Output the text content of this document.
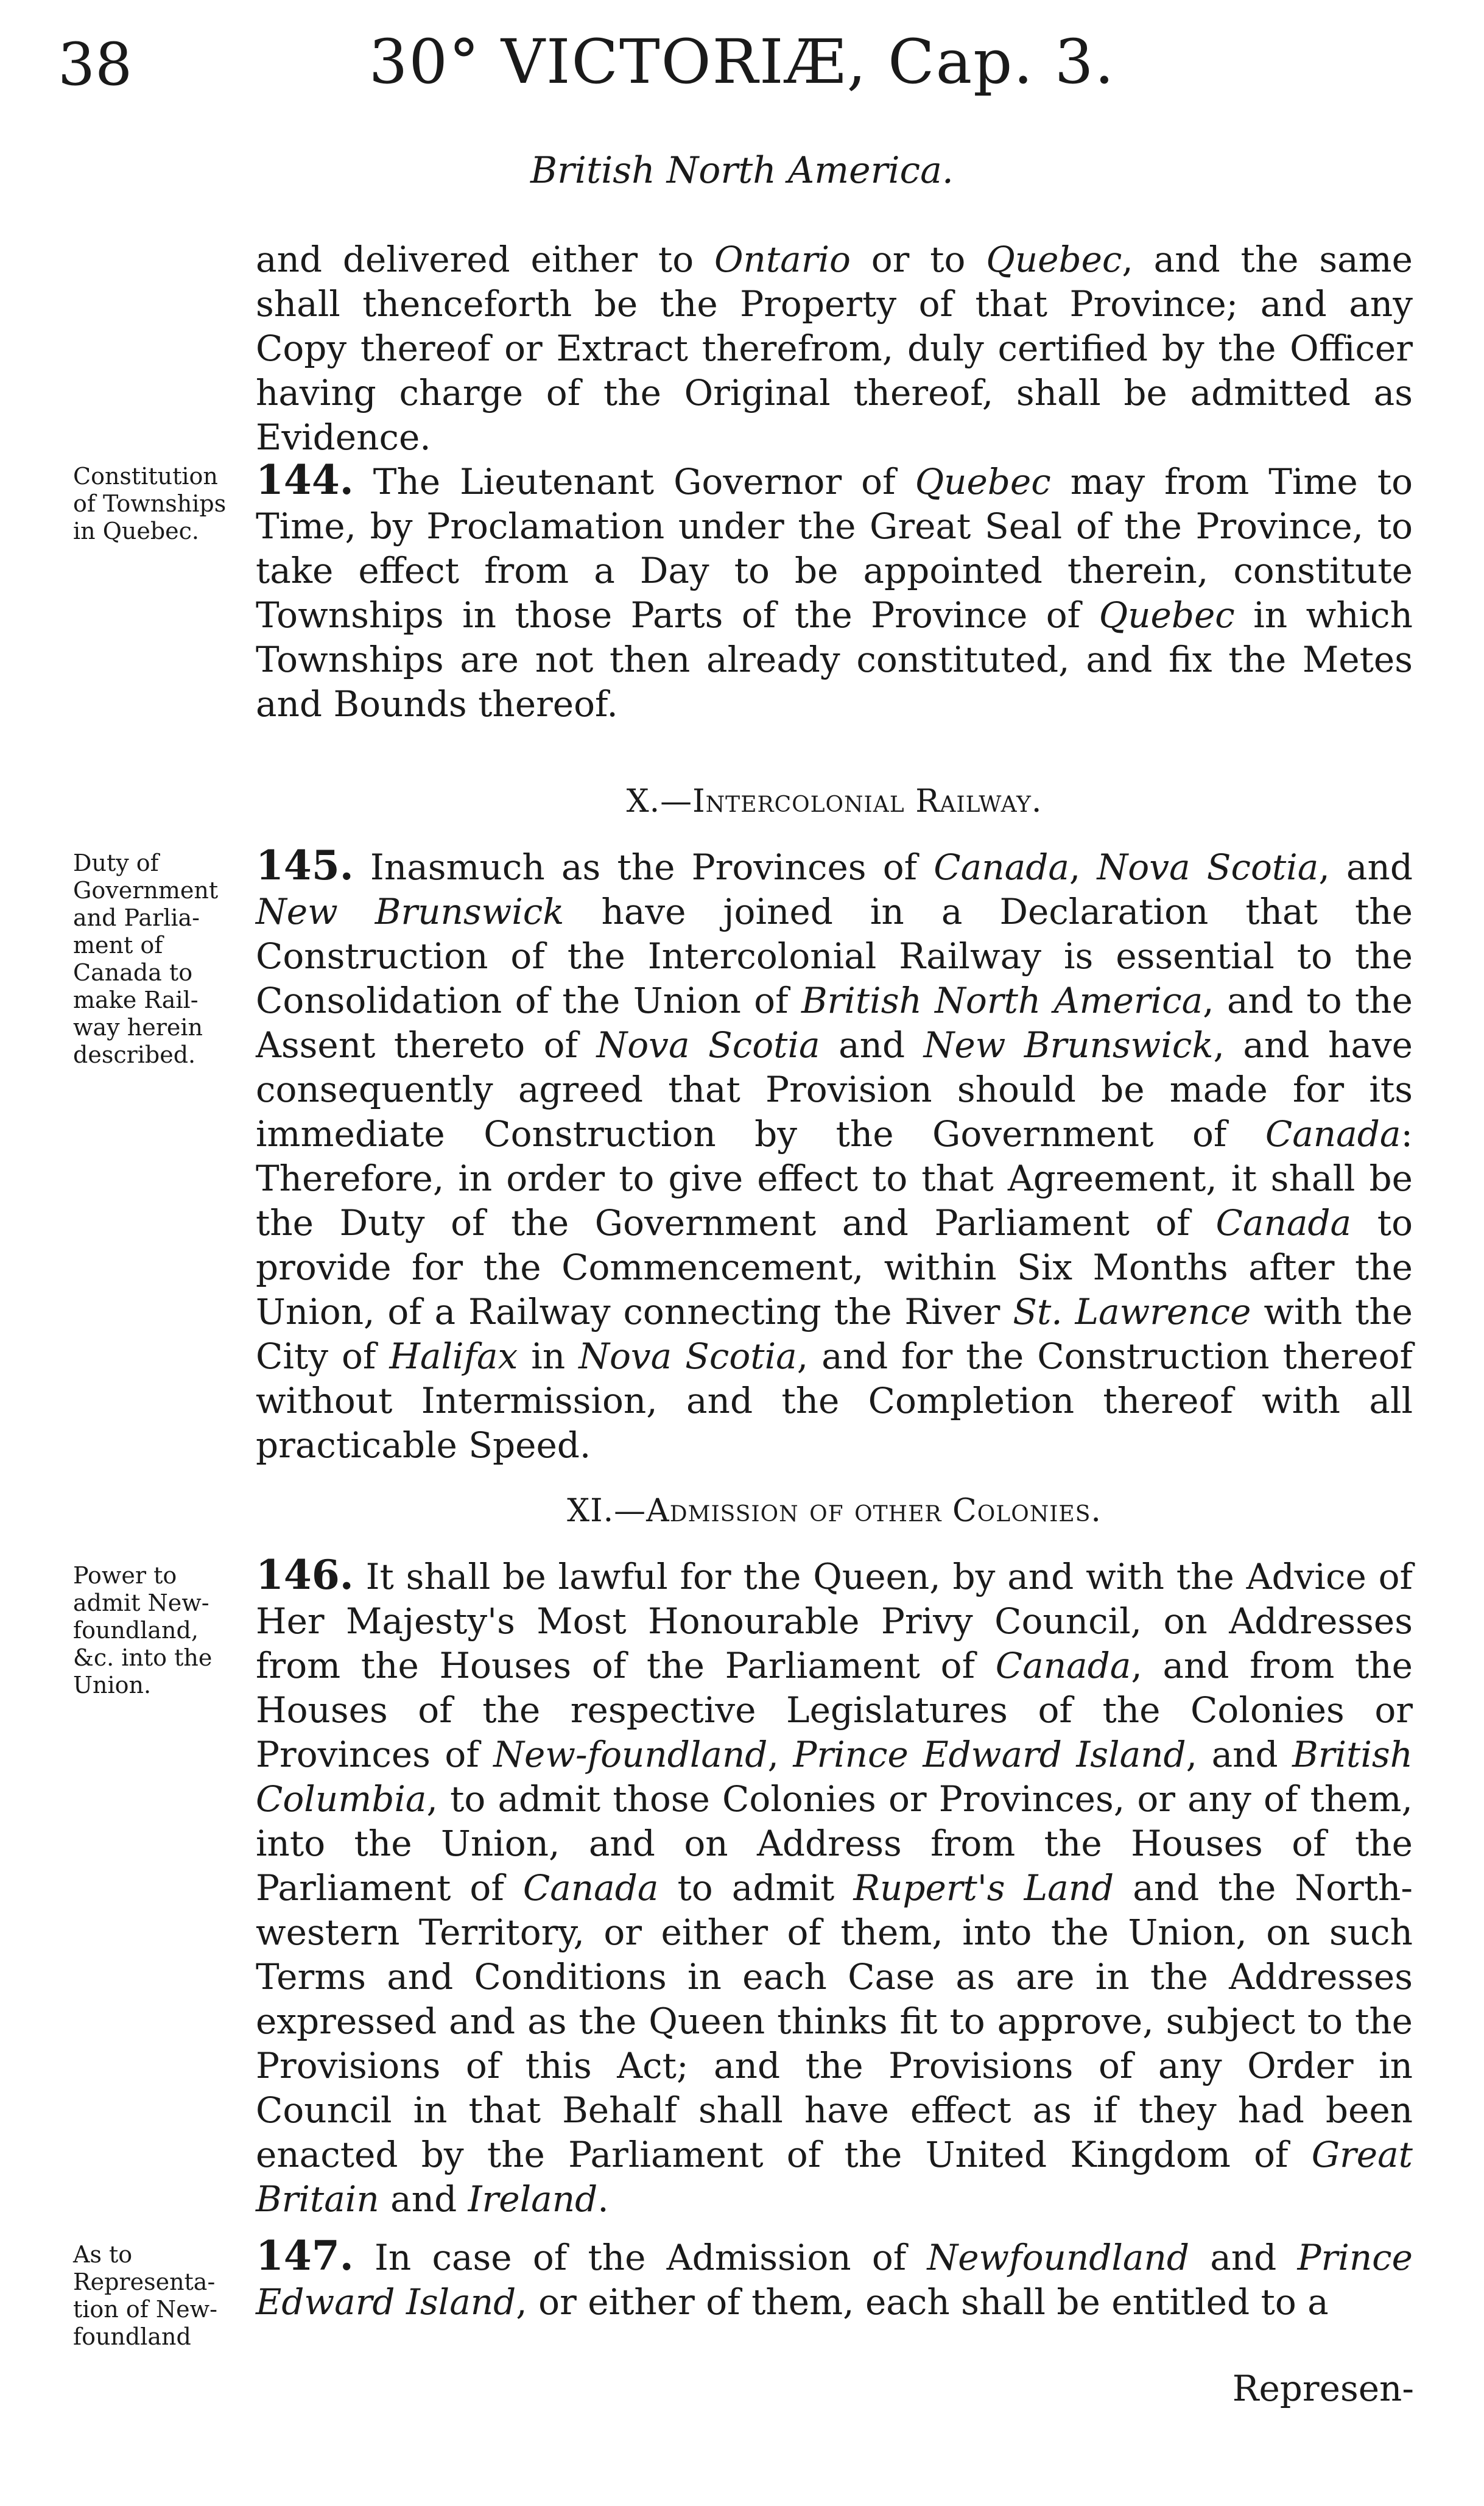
38	30° VICTORIÆ, Cap. 3.
British North America.
and delivered either to Ontario or to Quebec, and the same shall thenceforth be the Property of that Province; and any Copy thereof or Extract therefrom, duly certified by the Officer having charge of the Original thereof, shall be admitted as Evidence.
Constitution
of Townships
in Quebec.
144. The Lieutenant Governor of Quebec may from Time to Time, by Proclamation under the Great Seal of the Province, to take effect from a Day to be appointed therein, constitute Townships in those Parts of the Province of Quebec in which Townships are not then already constituted, and fix the Metes and Bounds thereof.
X.—Intercolonial Railway.
Duty of
Government
and Parlia-
ment of
Canada to
make Rail-
way herein
described.
145. Inasmuch as the Provinces of Canada, Nova Scotia, and New Brunswick have joined in a Declaration that the Construction of the Intercolonial Railway is essential to the Consolidation of the Union of British North America, and to the Assent thereto of Nova Scotia and New Brunswick, and have consequently agreed that Provision should be made for its immediate Construction by the Government of Canada: Therefore, in order to give effect to that Agreement, it shall be the Duty of the Government and Parliament of Canada to provide for the Commencement, within Six Months after the Union, of a Railway connecting the River St. Lawrence with the City of Halifax in Nova Scotia, and for the Construction thereof without Intermission, and the Completion thereof with all practicable Speed.
XI.—Admission of other Colonies.
Power to
admit New-
foundland,
&c. into the
Union.
146. It shall be lawful for the Queen, by and with the Advice of Her Majesty's Most Honourable Privy Council, on Addresses from the Houses of the Parliament of Canada, and from the Houses of the respective Legislatures of the Colonies or Provinces of New-foundland, Prince Edward Island, and British Columbia, to admit those Colonies or Provinces, or any of them, into the Union, and on Address from the Houses of the Parliament of Canada to admit Rupert's Land and the North-western Territory, or either of them, into the Union, on such Terms and Conditions in each Case as are in the Addresses expressed and as the Queen thinks fit to approve, subject to the Provisions of this Act; and the Provisions of any Order in Council in that Behalf shall have effect as if they had been enacted by the Parliament of the United Kingdom of Great Britain and Ireland.
As to
Representa-
tion of New-
foundland
147. In case of the Admission of Newfoundland and Prince Edward Island, or either of them, each shall be entitled to a
Represen-
